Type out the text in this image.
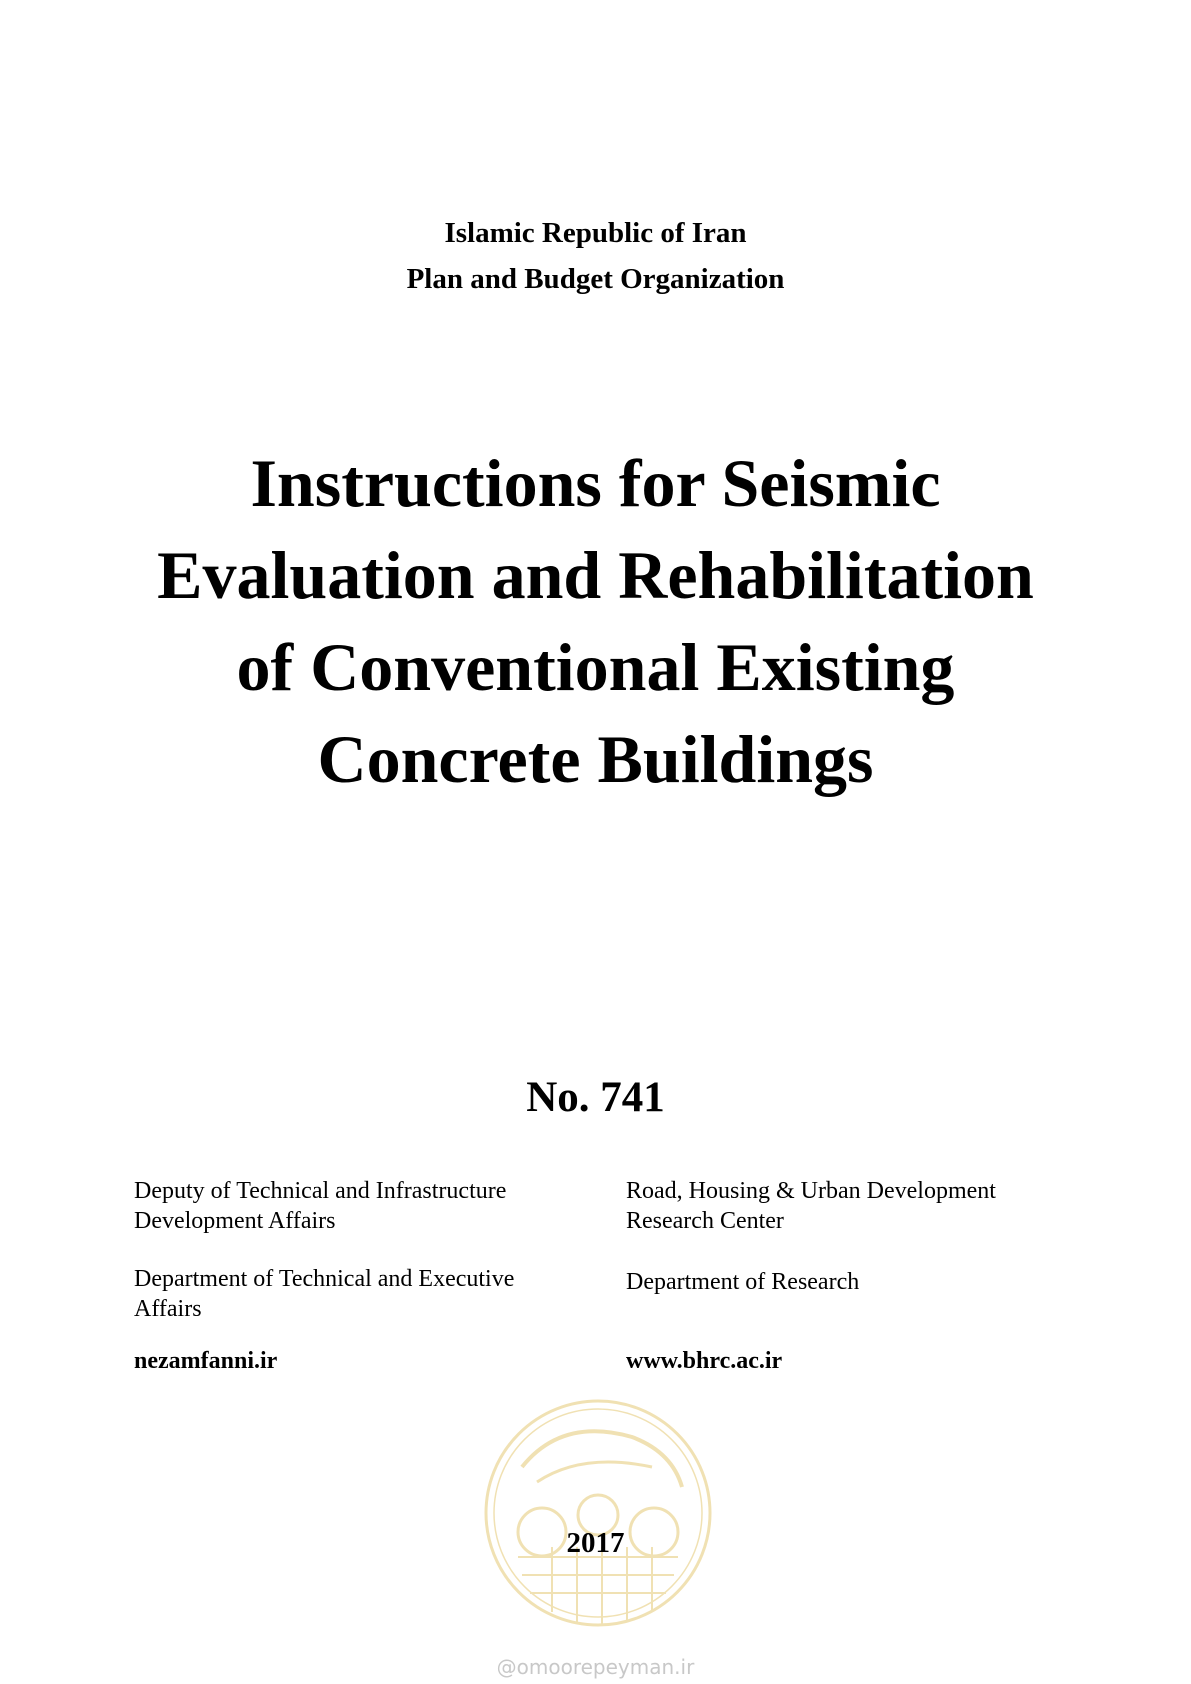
Islamic Republic of Iran
Plan and Budget Organization
Instructions for Seismic
Evaluation and Rehabilitation
of Conventional Existing
Concrete Buildings
No. 741
Deputy of Technical and Infrastructure
Development Affairs
Department of Technical and Executive
Affairs
nezamfanni.ir
Road, Housing & Urban Development
Research Center
Department of Research
www.bhrc.ac.ir
2017
@omoorepeyman.ir
